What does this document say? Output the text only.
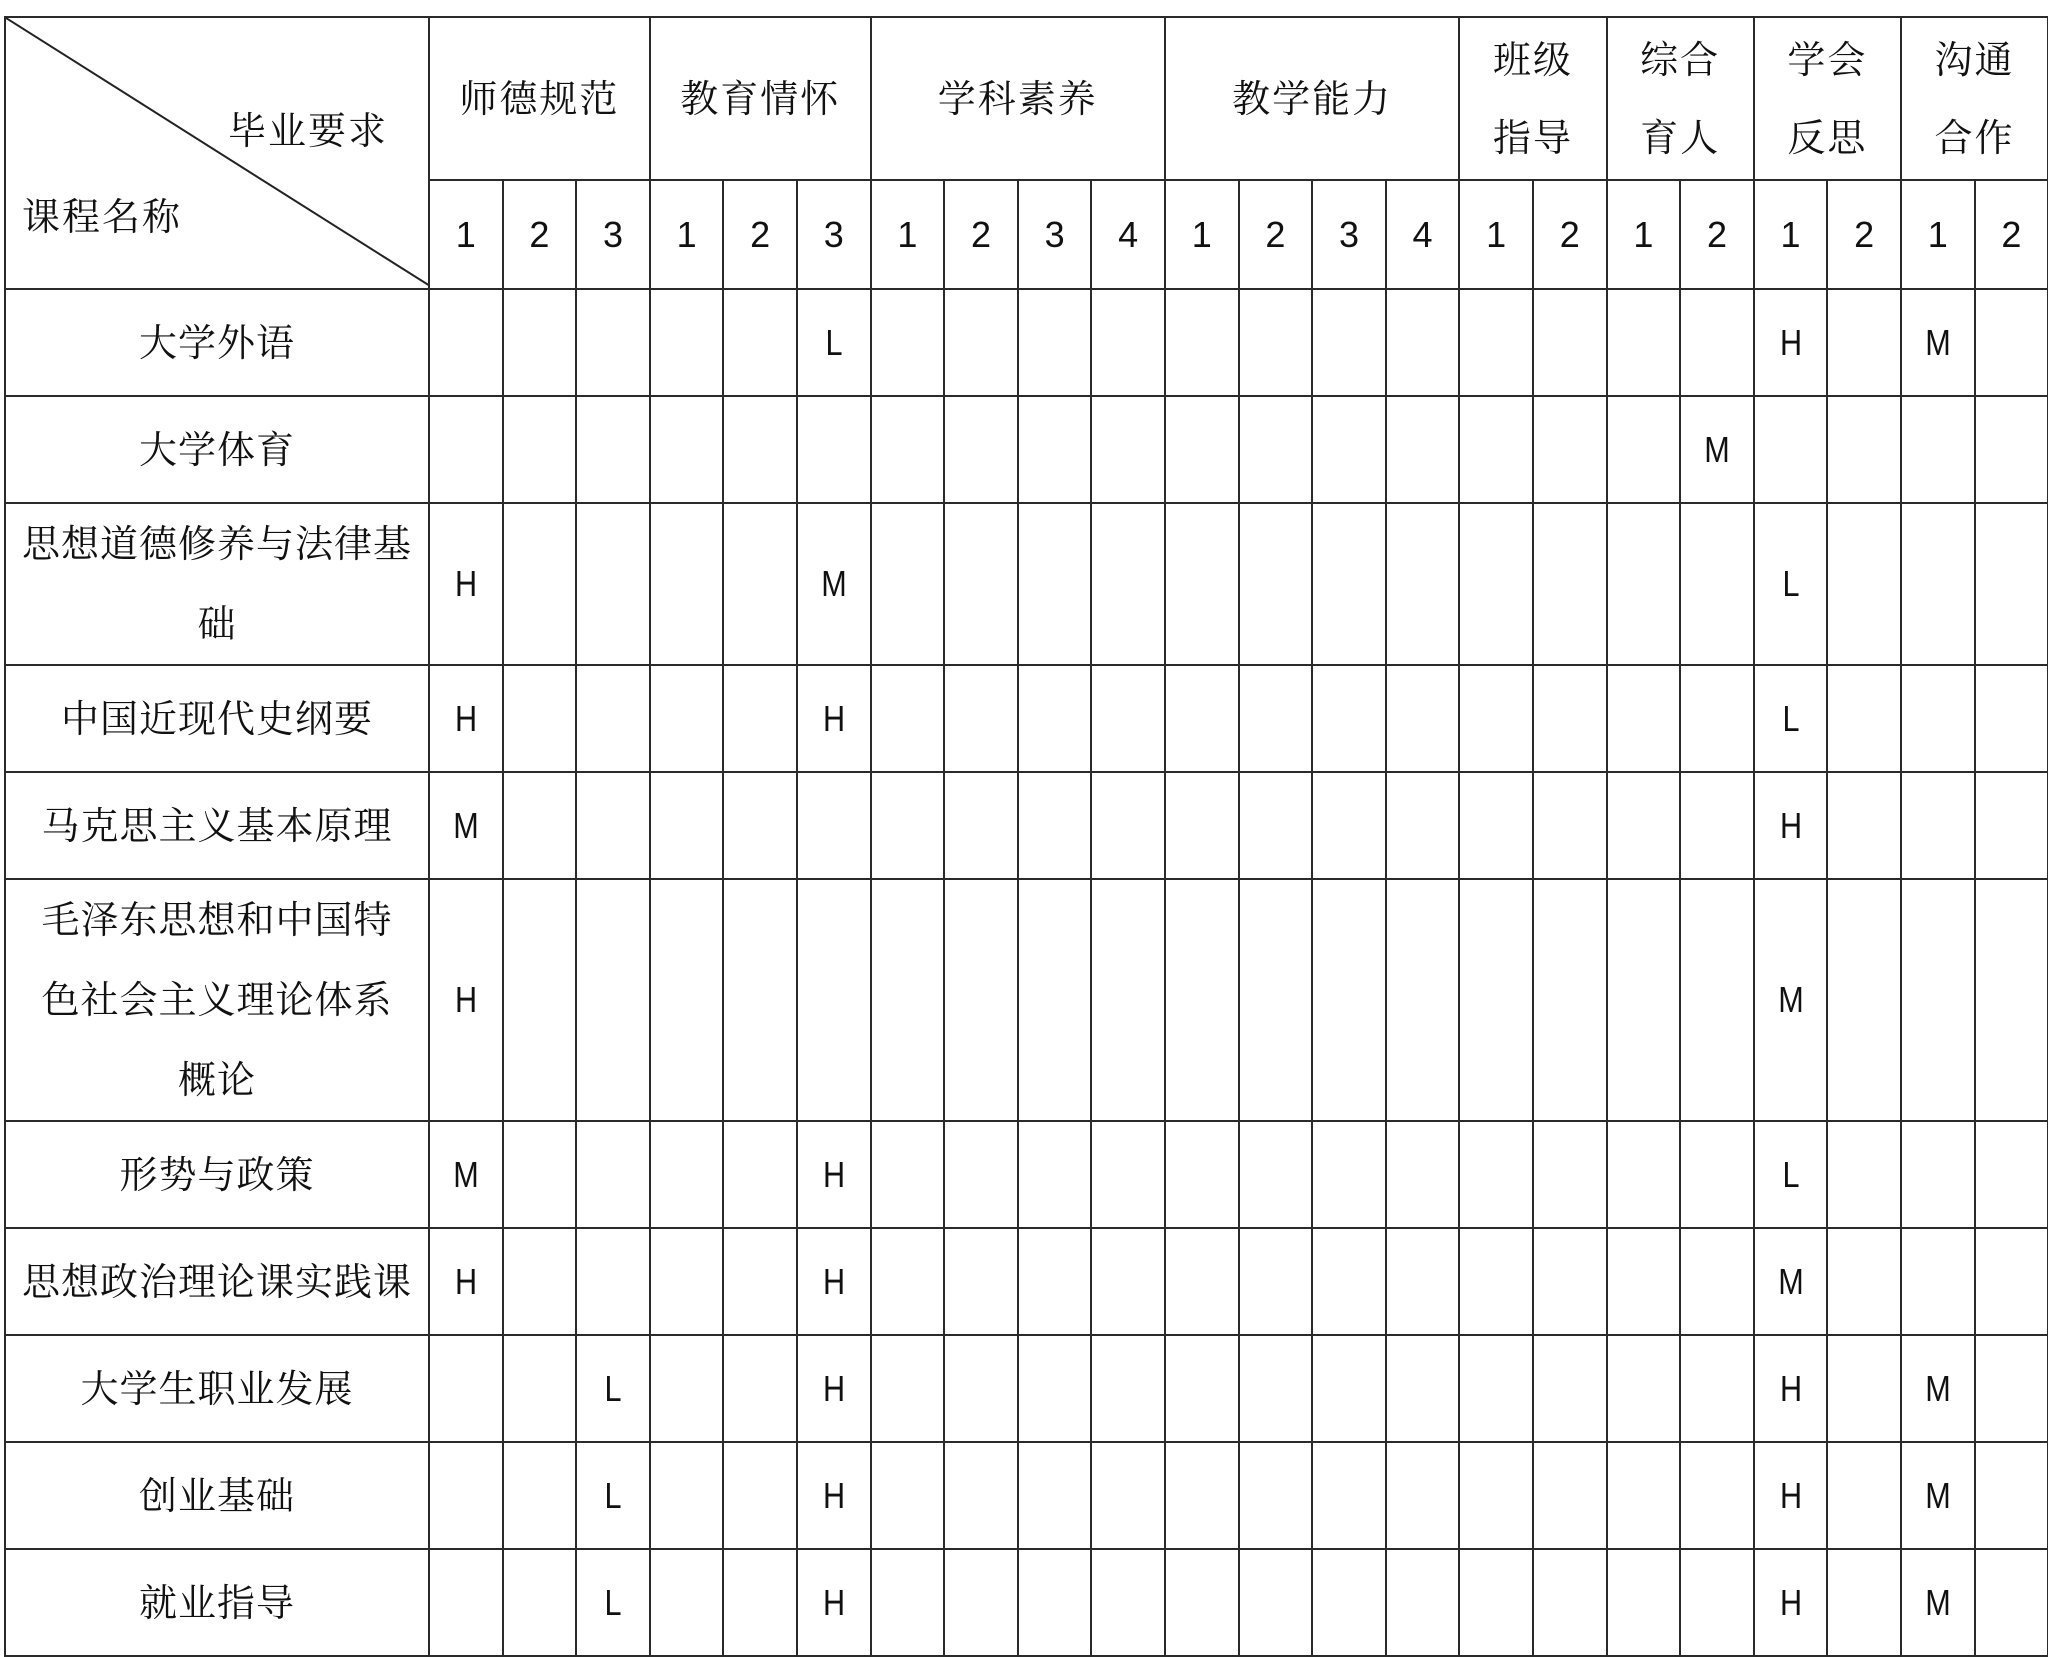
毕业要求
课程名称	师德规范			教育情怀			学科素养				教学能力				班级指导		综合育人		学会反思		沟通合作	
	1	2	3	1	2	3	1	2	3	4	1	2	3	4	1	2	1	2	1	2	1	2
大学外语						L													H		M	
大学体育																		M				
思想道德修养与法律基础	H					M													L			
中国近现代史纲要	H					H													L			
马克思主义基本原理	M																		H			
毛泽东思想和中国特色社会主义理论体系概论	H																		M			
形势与政策	M					H													L			
思想政治理论课实践课	H					H													M			
大学生职业发展			L			H													H		M	
创业基础			L			H													H		M	
就业指导			L			H													H		M	
